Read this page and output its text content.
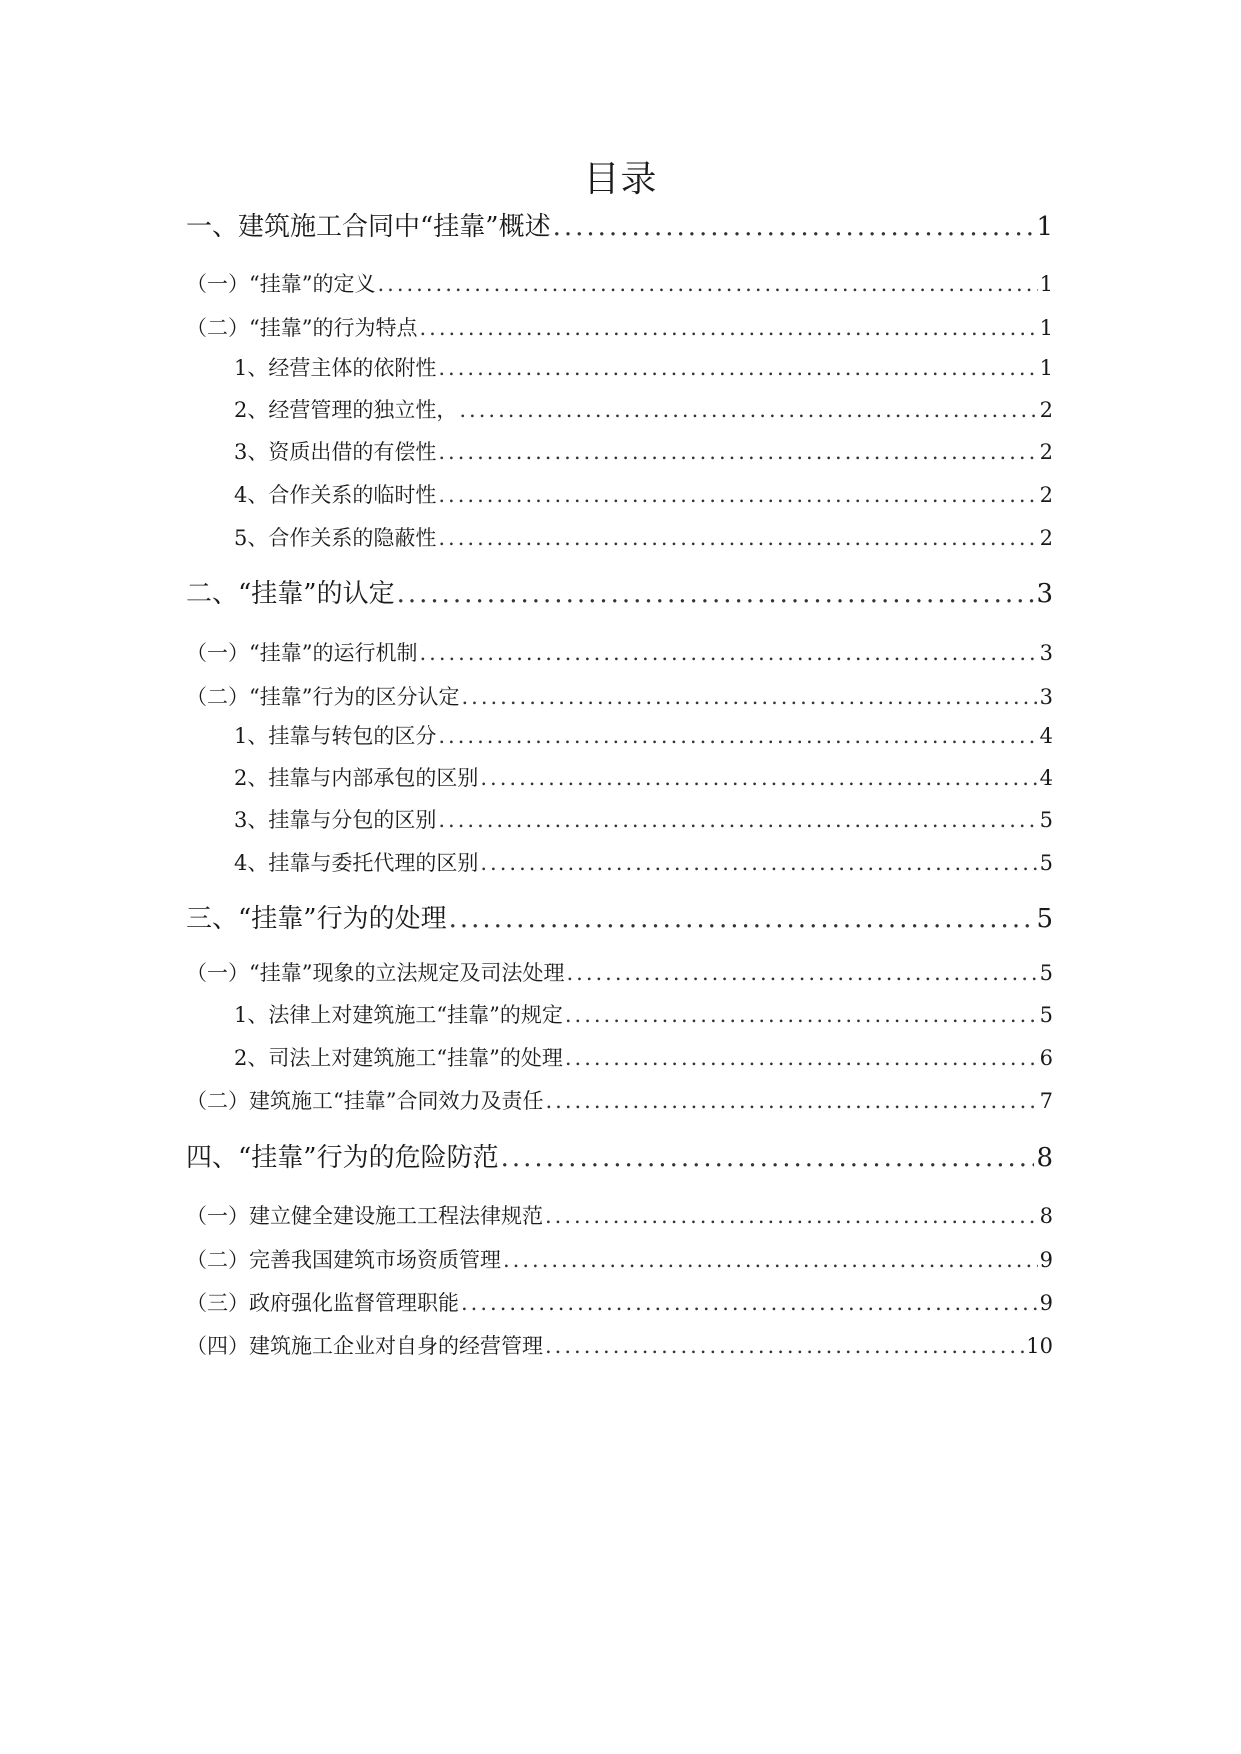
目录
一、建筑施工合同中“挂靠”概述 .....	1
（一）“挂靠”的定义 .....	1
（二）“挂靠”的行为特点 .....	1
1、经营主体的依附性 .....	1
2、经营管理的独立性， .....	2
3、资质出借的有偿性 .....	2
4、合作关系的临时性 .....	2
5、合作关系的隐蔽性 .....	2
二、“挂靠”的认定 .....	3
（一）“挂靠”的运行机制 .....	3
（二）“挂靠”行为的区分认定 .....	3
1、挂靠与转包的区分 .....	4
2、挂靠与内部承包的区别 .....	4
3、挂靠与分包的区别 .....	5
4、挂靠与委托代理的区别 .....	5
三、“挂靠”行为的处理 .....	5
（一）“挂靠”现象的立法规定及司法处理 .....	5
1、法律上对建筑施工“挂靠”的规定 .....	5
2、司法上对建筑施工“挂靠”的处理 .....	6
（二）建筑施工“挂靠”合同效力及责任 .....	7
四、“挂靠”行为的危险防范 .....	8
（一）建立健全建设施工工程法律规范 .....	8
（二）完善我国建筑市场资质管理 .....	9
（三）政府强化监督管理职能 .....	9
（四）建筑施工企业对自身的经营管理 .....	10
